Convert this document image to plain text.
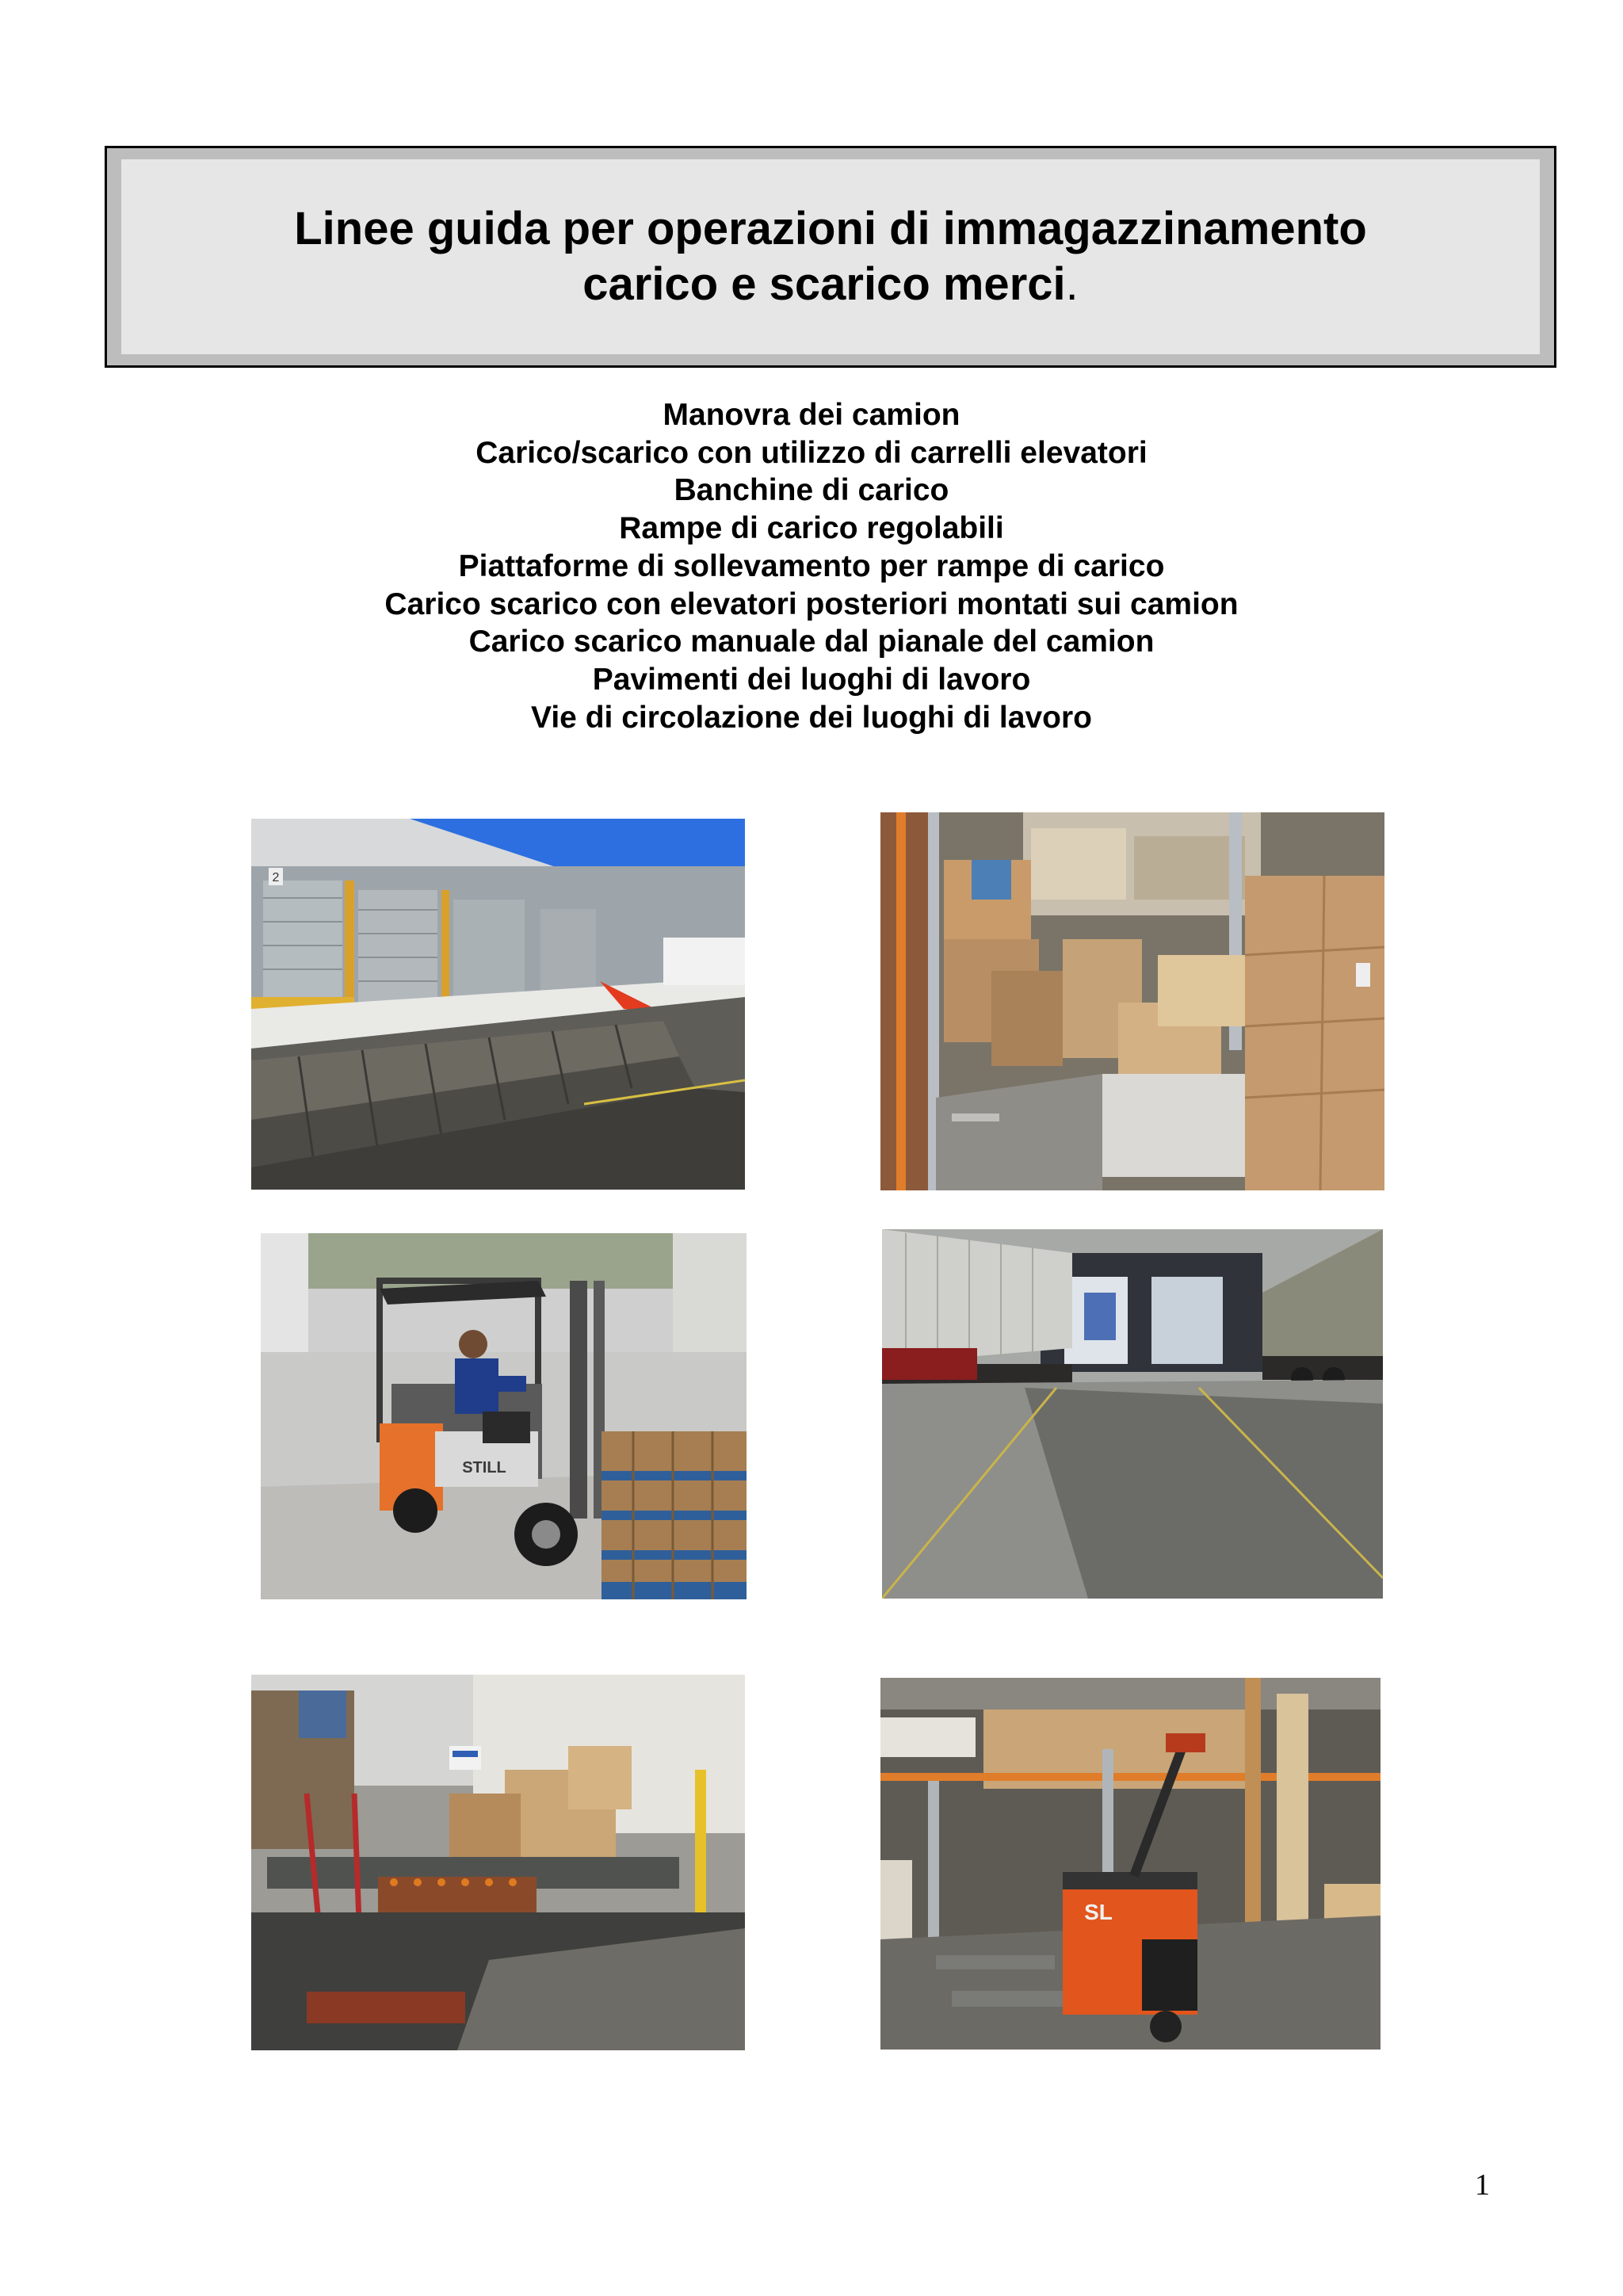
Linee guida per operazioni di immagazzinamento
carico e scarico merci.
Manovra dei camion
Carico/scarico con utilizzo di carrelli elevatori
Banchine di carico
Rampe di carico regolabili
Piattaforme di sollevamento per rampe di carico
Carico scarico con elevatori posteriori montati sui camion
Carico scarico manuale dal pianale del camion
Pavimenti dei luoghi di lavoro
Vie di circolazione dei luoghi di lavoro
2
STILL
SL
1
